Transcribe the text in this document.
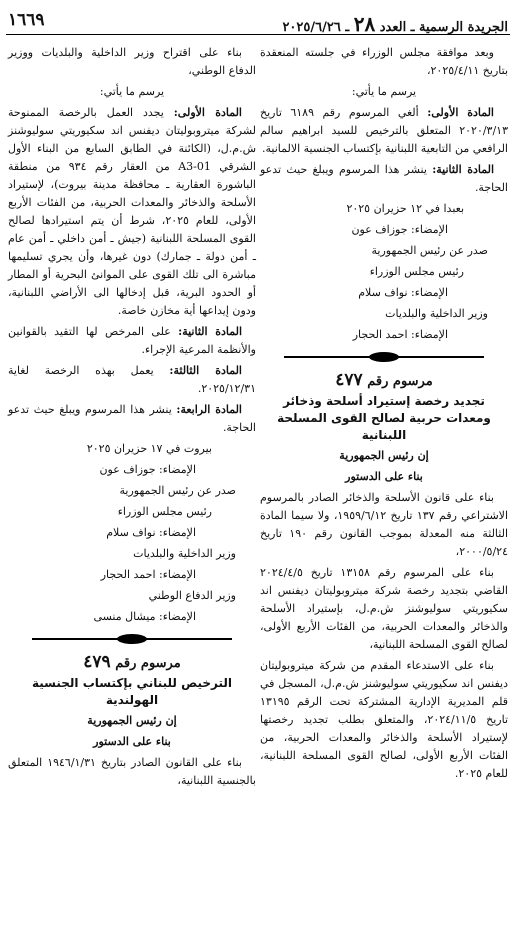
الجريدة الرسمية ـ العدد ٢٨ ـ ٢٠٢٥/٦/٢٦
١٦٦٩

وبعد موافقة مجلس الوزراء في جلسته المنعقدة بتاريخ ٢٠٢٥/٤/١١،

يرسم ما يأتي:

المادة الأولى: ألغي المرسوم رقم ٦١٨٩ تاريخ ٢٠٢٠/٣/١٣ المتعلق بالترخيص للسيد ابراهيم سالم الرافعي من التابعية اللبنانية بإكتساب الجنسية الالمانية.

المادة الثانية: ينشر هذا المرسوم ويبلغ حيث تدعو الحاجة.

بعبدا في ١٢ حزيران ٢٠٢٥

الإمضاء: جوزاف عون

صدر عن رئيس الجمهورية

رئيس مجلس الوزراء

الإمضاء: نواف سلام

وزير الداخلية والبلديات

الإمضاء: احمد الحجار

مرسوم رقم ٤٧٧

تجديد رخصة إستيراد أسلحة وذخائر ومعدات حربية لصالح القوى المسلحة اللبنانية

إن رئيس الجمهورية

بناء على الدستور

بناء على قانون الأسلحة والذخائر الصادر بالمرسوم الاشتراعي رقم ١٣٧ تاريخ ١٩٥٩/٦/١٢، ولا سيما المادة الثالثة منه المعدلة بموجب القانون رقم ١٩٠ تاريخ ٢٠٠٠/٥/٢٤،

بناء على المرسوم رقم ١٣١٥٨ تاريخ ٢٠٢٤/٤/٥ القاضي بتجديد رخصة شركة ميتروبوليتان ديفنس اند سكيوريتي سوليوشنز ش.م.ل، بإستيراد الأسلحة والذخائر والمعدات الحربية، من الفئات الأربع الأولى، لصالح القوى المسلحة اللبنانية،

بناء على الاستدعاء المقدم من شركة ميتروبوليتان ديفنس اند سكيوريتي سوليوشنز ش.م.ل، المسجل في قلم المديرية الإدارية المشتركة تحت الرقم ١٣١٩٥ تاريخ ٢٠٢٤/١١/٥، والمتعلق بطلب تجديد رخصتها لإستيراد الأسلحة والذخائر والمعدات الحربية، من الفئات الأربع الأولى، لصالح القوى المسلحة اللبنانية، للعام ٢٠٢٥.

بناء على اقتراح وزير الداخلية والبلديات ووزير الدفاع الوطني،

يرسم ما يأتي:

المادة الأولى: يجدد العمل بالرخصة الممنوحة لشركة ميتروبوليتان ديفنس اند سكيوريتي سوليوشنز ش.م.ل، (الكائنة في الطابق السابع من البناء الأول الشرقي A3-01 من العقار رقم ٩٣٤ من منطقة الباشورة العقارية ـ محافظة مدينة بيروت)، لإستيراد الأسلحة والذخائر والمعدات الحربية، من الفئات الأربع الأولى، للعام ٢٠٢٥، شرط أن يتم استيرادها لصالح القوى المسلحة اللبنانية (جيش ـ أمن داخلي ـ أمن عام ـ أمن دولة ـ جمارك) دون غيرها، وأن يجري تسليمها مباشرة الى تلك القوى على الموانئ البحرية أو المطار أو الحدود البرية، قبل إدخالها الى الأراضي اللبنانية، ودون إيداعها أية مخازن خاصة.

المادة الثانية: على المرخص لها التقيد بالقوانين والأنظمة المرعية الإجراء.

المادة الثالثة: يعمل بهذه الرخصة لغاية ٢٠٢٥/١٢/٣١.

المادة الرابعة: ينشر هذا المرسوم ويبلغ حيث تدعو الحاجة.

بيروت في ١٧ حزيران ٢٠٢٥

الإمضاء: جوزاف عون

صدر عن رئيس الجمهورية

رئيس مجلس الوزراء

الإمضاء: نواف سلام

وزير الداخلية والبلديات

الإمضاء: احمد الحجار

وزير الدفاع الوطني

الإمضاء: ميشال منسى

مرسوم رقم ٤٧٩

الترخيص للبناني بإكتساب الجنسية الهولندية

إن رئيس الجمهورية

بناء على الدستور

بناء على القانون الصادر بتاريخ ١٩٤٦/١/٣١ المتعلق بالجنسية اللبنانية،
